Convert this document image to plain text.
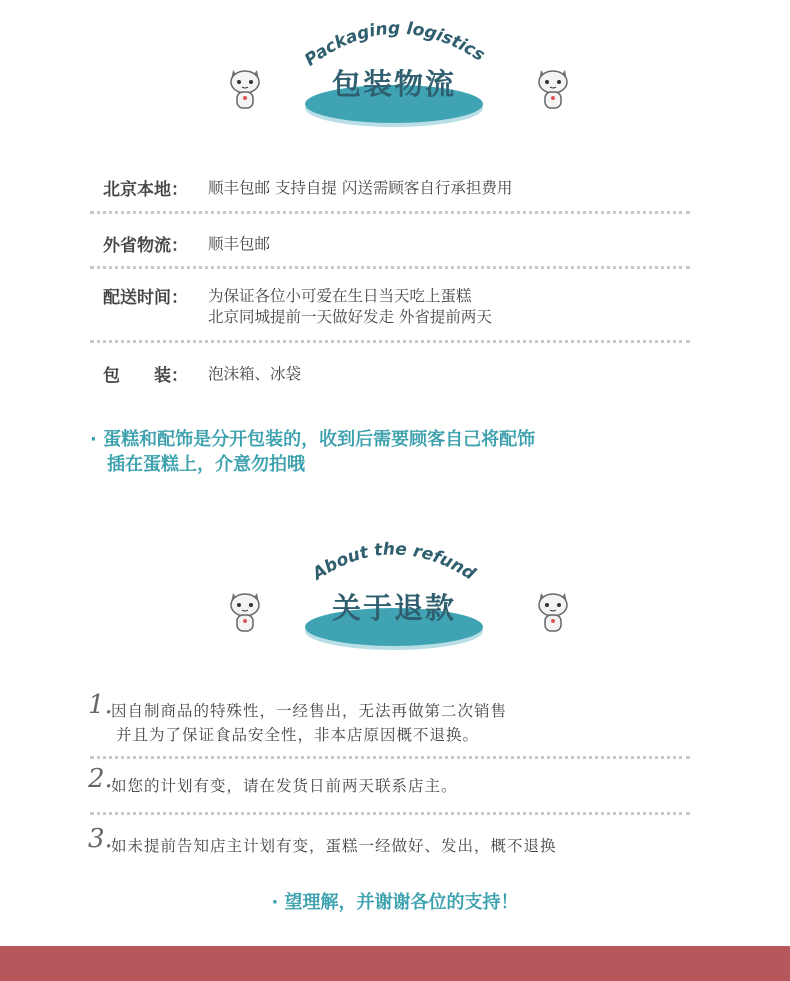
Packaging logistics
包装物流
北京本地： 顺丰包邮 支持自提 闪送需顾客自行承担费用
外省物流： 顺丰包邮
配送时间： 为保证各位小可爱在生日当天吃上蛋糕
北京同城提前一天做好发走 外省提前两天
包　　装： 泡沫箱、冰袋
· 蛋糕和配饰是分开包装的，收到后需要顾客自己将配饰
插在蛋糕上，介意勿拍哦
About the refund
关于退款
1.
因自制商品的特殊性，一经售出，无法再做第二次销售
并且为了保证食品安全性，非本店原因概不退换。
2.
如您的计划有变，请在发货日前两天联系店主。
3.
如未提前告知店主计划有变，蛋糕一经做好、发出，概不退换
· 望理解，并谢谢各位的支持！
